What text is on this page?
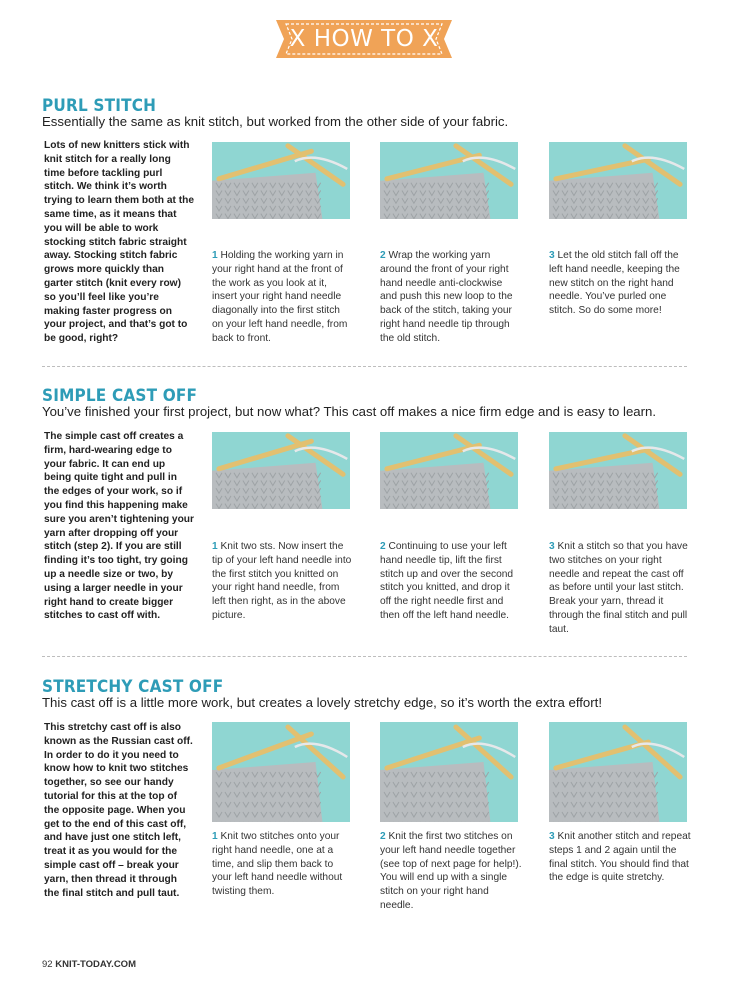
X HOW TO X
PURL STITCH
Essentially the same as knit stitch, but worked from the other side of your fabric.
Lots of new knitters stick with knit stitch for a really long time before tackling purl stitch. We think it’s worth trying to learn them both at the same time, as it means that you will be able to work stocking stitch fabric straight away. Stocking stitch fabric grows more quickly than garter stitch (knit every row) so you’ll feel like you’re making faster progress on your project, and that’s got to be good, right?
1 Holding the working yarn in your right hand at the front of the work as you look at it, insert your right hand needle diagonally into the first stitch on your left hand needle, from back to front.
2 Wrap the working yarn around the front of your right hand needle anti-clockwise and push this new loop to the back of the stitch, taking your right hand needle tip through the old stitch.
3 Let the old stitch fall off the left hand needle, keeping the new stitch on the right hand needle. You’ve purled one stitch. So do some more!
SIMPLE CAST OFF
You’ve finished your first project, but now what? This cast off makes a nice firm edge and is easy to learn.
The simple cast off creates a firm, hard-wearing edge to your fabric. It can end up being quite tight and pull in the edges of your work, so if you find this happening make sure you aren’t tightening your yarn after dropping off your stitch (step 2). If you are still finding it’s too tight, try going up a needle size or two, by using a larger needle in your right hand to create bigger stitches to cast off with.
1 Knit two sts. Now insert the tip of your left hand needle into the first stitch you knitted on your right hand needle, from left then right, as in the above picture.
2 Continuing to use your left hand needle tip, lift the first stitch up and over the second stitch you knitted, and drop it off the right needle first and then off the left hand needle.
3 Knit a stitch so that you have two stitches on your right needle and repeat the cast off as before until your last stitch. Break your yarn, thread it through the final stitch and pull taut.
STRETCHY CAST OFF
This cast off is a little more work, but creates a lovely stretchy edge, so it’s worth the extra effort!
This stretchy cast off is also known as the Russian cast off. In order to do it you need to know how to knit two stitches together, so see our handy tutorial for this at the top of the opposite page. When you get to the end of this cast off, and have just one stitch left, treat it as you would for the simple cast off – break your yarn, then thread it through the final stitch and pull taut.
1 Knit two stitches onto your right hand needle, one at a time, and slip them back to your left hand needle without twisting them.
2 Knit the first two stitches on your left hand needle together (see top of next page for help!). You will end up with a single stitch on your right hand needle.
3 Knit another stitch and repeat steps 1 and 2 again until the final stitch. You should find that the edge is quite stretchy.
92 KNIT-TODAY.COM
